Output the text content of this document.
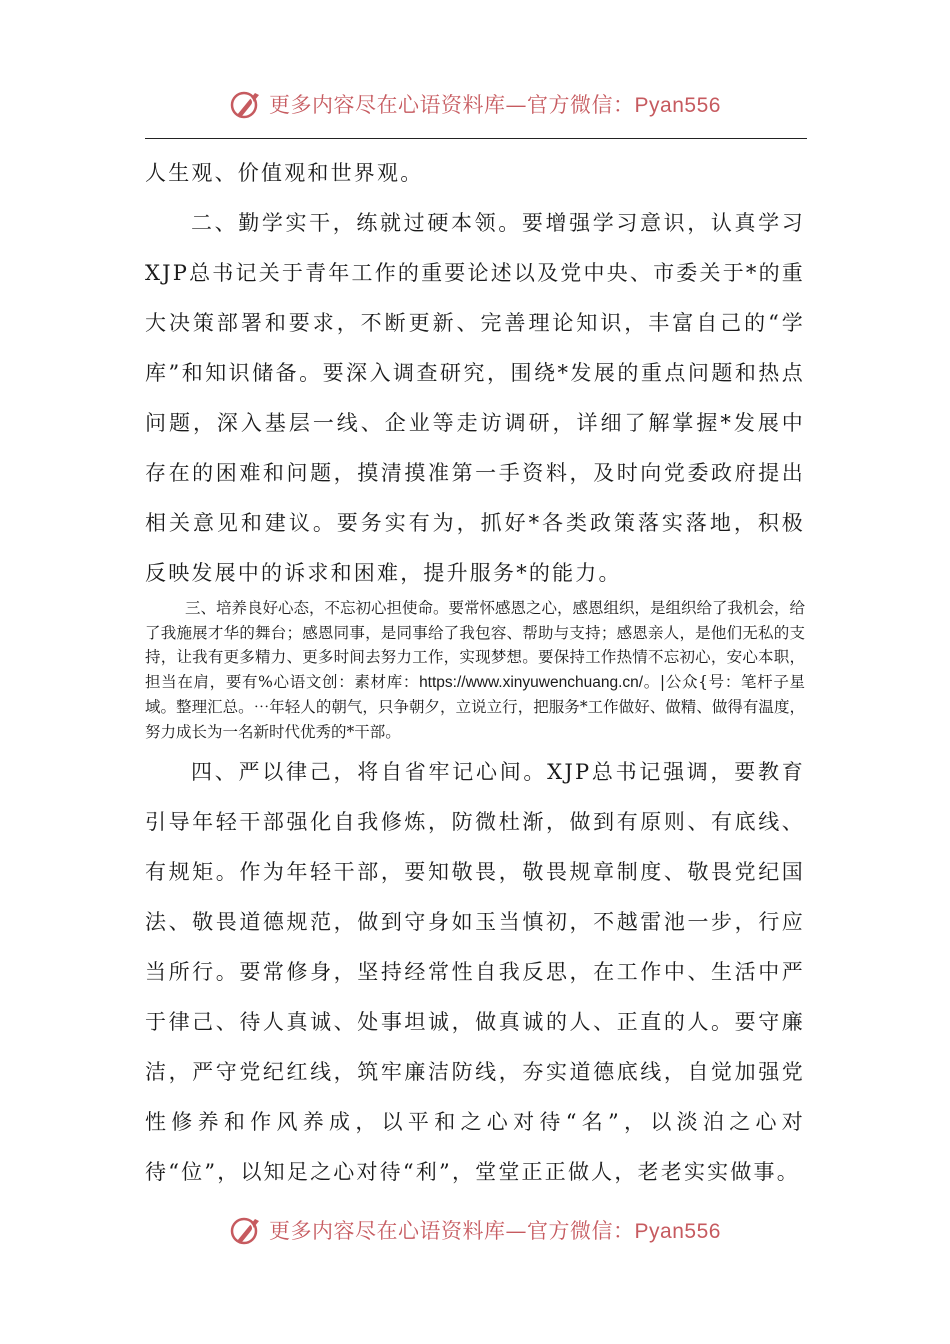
更多内容尽在心语资料库—官方微信：Pyan556
人生观、价值观和世界观。
二、勤学实干，练就过硬本领。要增强学习意识，认真学习XJP总书记关于青年工作的重要论述以及党中央、市委关于*的重大决策部署和要求，不断更新、完善理论知识，丰富自己的“学库”和知识储备。要深入调查研究，围绕*发展的重点问题和热点问题，深入基层一线、企业等走访调研，详细了解掌握*发展中存在的困难和问题，摸清摸准第一手资料，及时向党委政府提出相关意见和建议。要务实有为，抓好*各类政策落实落地，积极反映发展中的诉求和困难，提升服务*的能力。
三、培养良好心态，不忘初心担使命。要常怀感恩之心，感恩组织，是组织给了我机会，给了我施展才华的舞台；感恩同事，是同事给了我包容、帮助与支持；感恩亲人，是他们无私的支持，让我有更多精力、更多时间去努力工作，实现梦想。要保持工作热情不忘初心，安心本职，担当在肩，要有%心语文创：素材库：https://www.xinyuwenchuang.cn/。|公众{号：笔杆子星域。整理汇总。⋯年轻人的朝气，只争朝夕，立说立行，把服务*工作做好、做精、做得有温度，努力成长为一名新时代优秀的*干部。
四、严以律己，将自省牢记心间。XJP总书记强调，要教育引导年轻干部强化自我修炼，防微杜渐，做到有原则、有底线、有规矩。作为年轻干部，要知敬畏，敬畏规章制度、敬畏党纪国法、敬畏道德规范，做到守身如玉当慎初，不越雷池一步，行应当所行。要常修身，坚持经常性自我反思，在工作中、生活中严于律己、待人真诚、处事坦诚，做真诚的人、正直的人。要守廉洁，严守党纪红线，筑牢廉洁防线，夯实道德底线，自觉加强党性修养和作风养成，以平和之心对待“名”，以淡泊之心对待“位”，以知足之心对待“利”，堂堂正正做人，老老实实做事。
更多内容尽在心语资料库—官方微信：Pyan556
